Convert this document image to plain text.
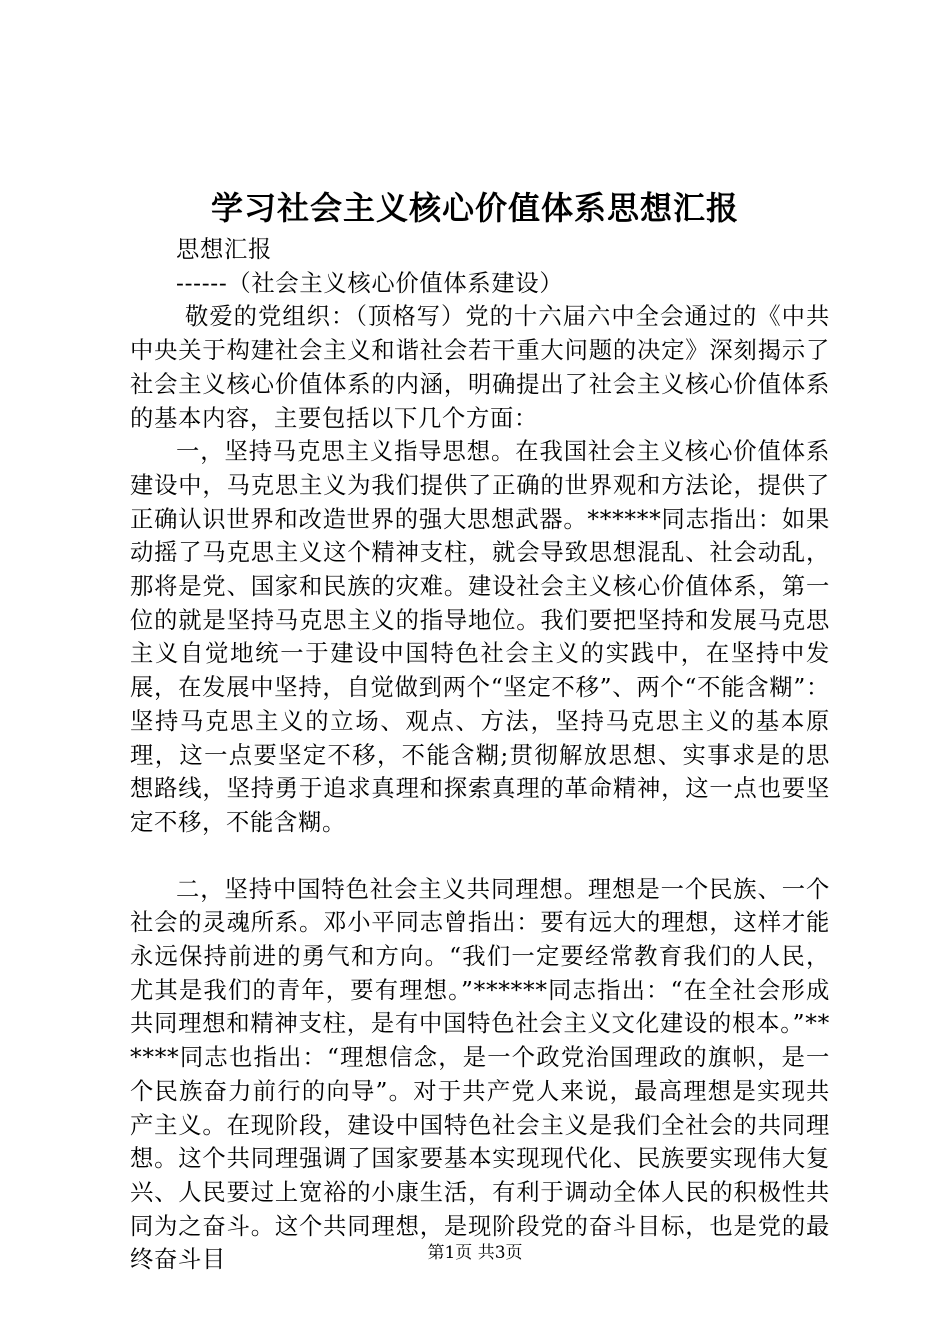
学习社会主义核心价值体系思想汇报

思想汇报

------（社会主义核心价值体系建设）

敬爱的党组织：（顶格写）党的十六届六中全会通过的《中共中央关于构建社会主义和谐社会若干重大问题的决定》深刻揭示了社会主义核心价值体系的内涵，明确提出了社会主义核心价值体系的基本内容，主要包括以下几个方面：

一，坚持马克思主义指导思想。在我国社会主义核心价值体系建设中，马克思主义为我们提供了正确的世界观和方法论，提供了正确认识世界和改造世界的强大思想武器。******同志指出：如果动摇了马克思主义这个精神支柱，就会导致思想混乱、社会动乱，那将是党、国家和民族的灾难。建设社会主义核心价值体系，第一位的就是坚持马克思主义的指导地位。我们要把坚持和发展马克思主义自觉地统一于建设中国特色社会主义的实践中，在坚持中发展，在发展中坚持，自觉做到两个“坚定不移”、两个“不能含糊”：坚持马克思主义的立场、观点、方法，坚持马克思主义的基本原理，这一点要坚定不移，不能含糊;贯彻解放思想、实事求是的思想路线，坚持勇于追求真理和探索真理的革命精神，这一点也要坚定不移，不能含糊。

二，坚持中国特色社会主义共同理想。理想是一个民族、一个社会的灵魂所系。邓小平同志曾指出：要有远大的理想，这样才能永远保持前进的勇气和方向。“我们一定要经常教育我们的人民，尤其是我们的青年，要有理想。”******同志指出：“在全社会形成共同理想和精神支柱，是有中国特色社会主义文化建设的根本。”******同志也指出：“理想信念，是一个政党治国理政的旗帜，是一个民族奋力前行的向导”。对于共产党人来说，最高理想是实现共产主义。在现阶段，建设中国特色社会主义是我们全社会的共同理想。这个共同理强调了国家要基本实现现代化、民族要实现伟大复兴、人民要过上宽裕的小康生活，有利于调动全体人民的积极性共同为之奋斗。这个共同理想，是现阶段党的奋斗目标，也是党的最终奋斗目	第1页 共3页
